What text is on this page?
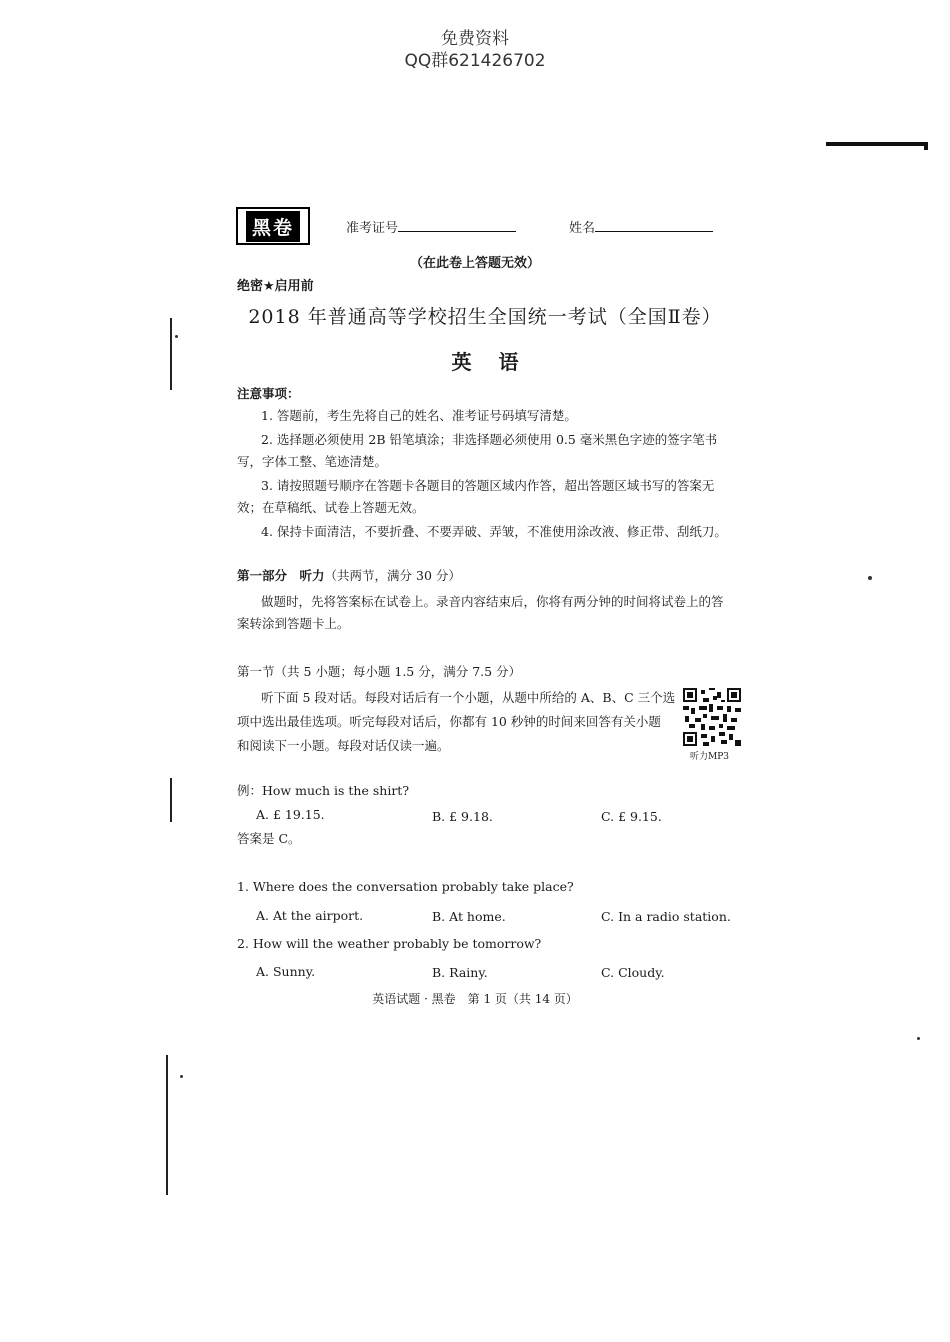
免费资料
QQ群621426702
黑卷	准考证号	姓名
（在此卷上答题无效）
绝密★启用前
2018 年普通高等学校招生全国统一考试（全国Ⅱ卷）
英 语
注意事项：
1. 答题前，考生先将自己的姓名、准考证号码填写清楚。
2. 选择题必须使用 2B 铅笔填涂；非选择题必须使用 0.5 毫米黑色字迹的签字笔书
写，字体工整、笔迹清楚。
3. 请按照题号顺序在答题卡各题目的答题区域内作答，超出答题区域书写的答案无
效；在草稿纸、试卷上答题无效。
4. 保持卡面清洁，不要折叠、不要弄破、弄皱，不准使用涂改液、修正带、刮纸刀。
第一部分　听力（共两节，满分 30 分）
做题时，先将答案标在试卷上。录音内容结束后，你将有两分钟的时间将试卷上的答
案转涂到答题卡上。
第一节（共 5 小题；每小题 1.5 分，满分 7.5 分）
听下面 5 段对话。每段对话后有一个小题，从题中所给的 A、B、C 三个选
项中选出最佳选项。听完每段对话后，你都有 10 秒钟的时间来回答有关小题
和阅读下一小题。每段对话仅读一遍。
听力MP3
例：How much is the shirt?
A. £ 19.15.	B. £ 9.18.	C. £ 9.15.
答案是 C。
1. Where does the conversation probably take place?
A. At the airport.	B. At home.	C. In a radio station.
2. How will the weather probably be tomorrow?
A. Sunny.	B. Rainy.	C. Cloudy.
英语试题 · 黑卷　第 1 页（共 14 页）
